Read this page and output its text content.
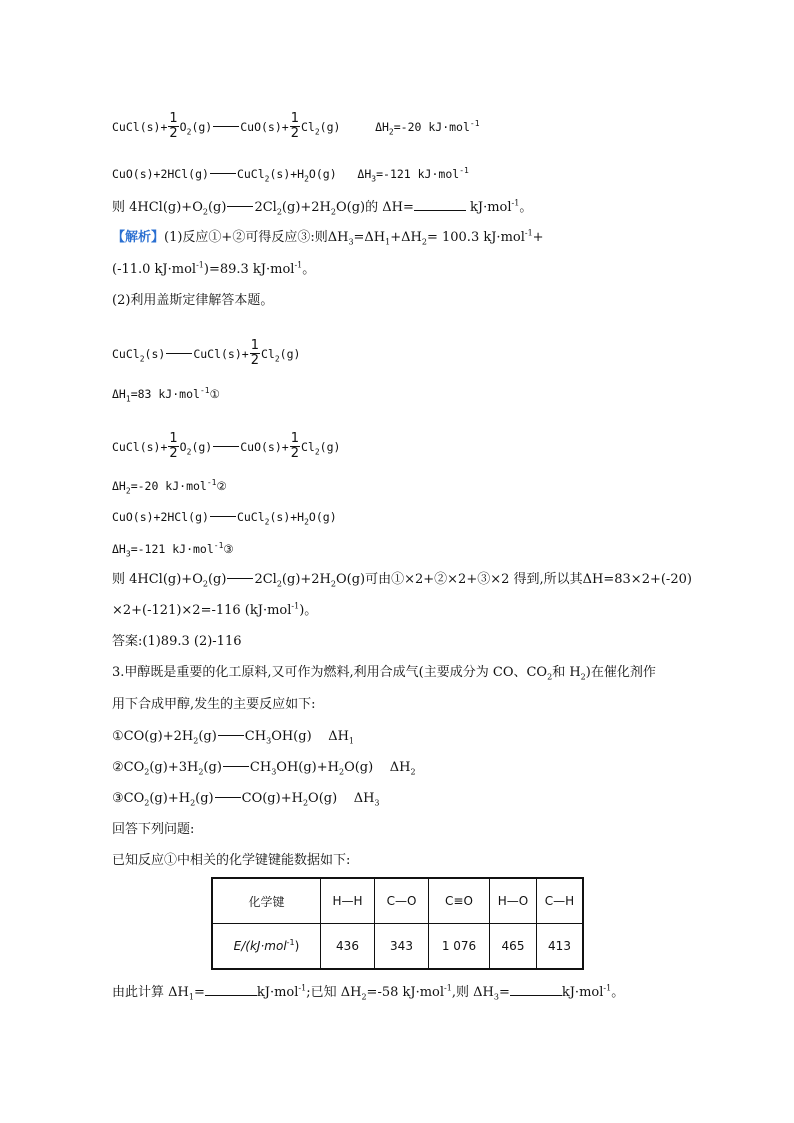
CuCl(s)+ $\frac{1}{2} O_2(g)$ $CuO(s)+ \frac{1}{2} Cl_2(g)$	$\Delta H_2=-20$ kJ·mol$^{-1}$
CuO(s)+2HCl(g) $CuCl_2(s)+H_2O(g)$ $\Delta H_3=-121$ kJ·mol$^{-1}$
则 $4HCl(g)+O_2(g)$ $2Cl_2(g)+2H_2O(g)$的 ΔH=	kJ·mol$^{-1}$。
【解析】(1)反应①+②可得反应③:则$\Delta H_3=\Delta H_1+\Delta H_2= 100.3$ kJ·mol$^{-1}$+
(-11.0 kJ·mol$^{-1}$)=89.3 kJ·mol$^{-1}$。
(2)利用盖斯定律解答本题。
CuCl$_2$(s) CuCl(s)+ $\frac{1}{2} Cl_2(g)$
$\Delta H_1=83$ kJ·mol$^{-1}$①
CuCl(s)+ $\frac{1}{2} O_2(g)$ $CuO(s)+ \frac{1}{2} Cl_2(g)$
$\Delta H_2=-20$ kJ·mol$^{-1}$②
CuO(s)+2HCl(g) $CuCl_2(s)+H_2O(g)$
$\Delta H_3=-121$ kJ·mol$^{-1}$③
则 $4HCl(g)+O_2(g)$ $2Cl_2(g)+2H_2O(g)$可由①×2+②×2+③×2 得到,所以其ΔH=83×2+(-20)
×2+(-121)×2=-116 (kJ·mol$^{-1}$)。
答案:(1)89.3 (2)-116
3.甲醇既是重要的化工原料,又可作为燃料,利用合成气(主要成分为 CO、$CO_2$和 $H_2$)在催化剂作
用下合成甲醇,发生的主要反应如下:
$①CO(g)+2H_2(g)$ $CH_3OH(g)$ $\Delta H_1$
$②CO_2(g)+3H_2(g)$ $CH_3OH(g)+H_2O(g)$ $\Delta H_2$
$③CO_2(g)+H_2(g)$ $CO(g)+H_2O(g)$ $\Delta H_3$
回答下列问题:
已知反应①中相关的化学键键能数据如下:
化学键	H—H	C—O	C≡O	H—O	C—H
E/(kJ·mol$^{-1}$)	436	343	1 076	465	413
由此计算 $\Delta H_1=$	kJ·mol$^{-1}$;已知 $\Delta H_2=-58$ kJ·mol$^{-1}$,则 $\Delta H_3=$	kJ·mol$^{-1}$。
